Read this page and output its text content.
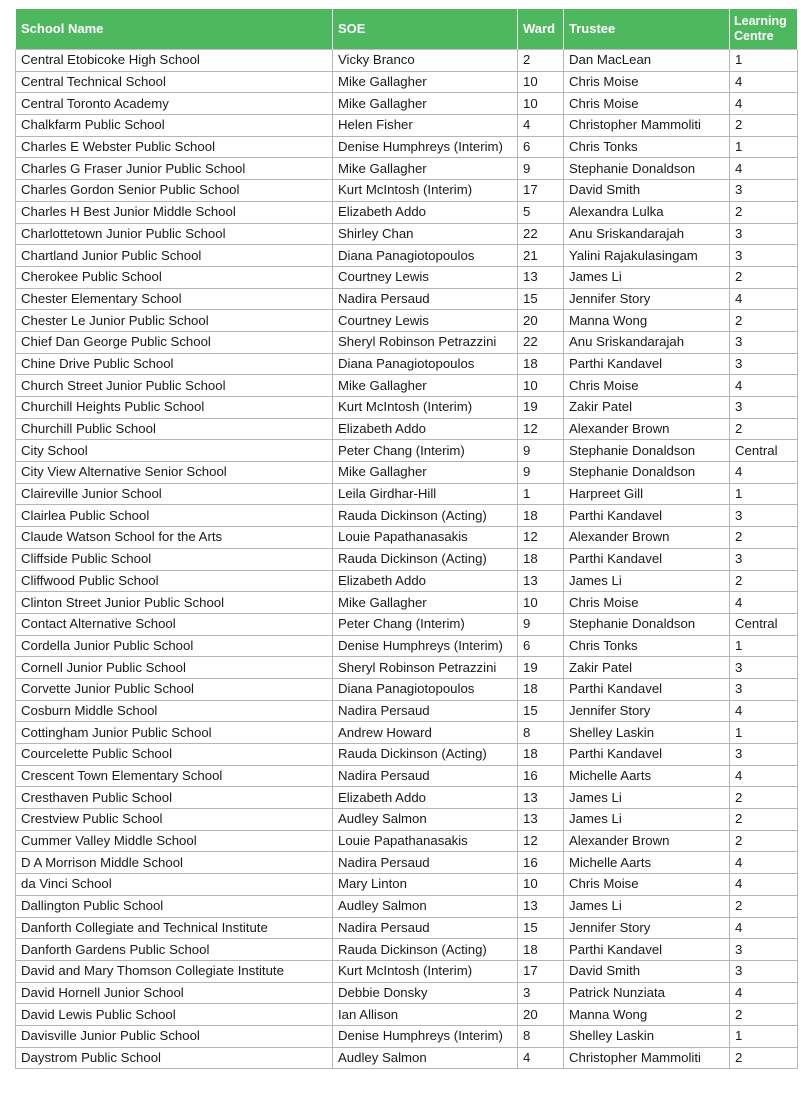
School Name	SOE	Ward	Trustee	Learning Centre
Central Etobicoke High School	Vicky Branco	2	Dan MacLean	1
Central Technical School	Mike Gallagher	10	Chris Moise	4
Central Toronto Academy	Mike Gallagher	10	Chris Moise	4
Chalkfarm Public School	Helen Fisher	4	Christopher Mammoliti	2
Charles E Webster Public School	Denise Humphreys (Interim)	6	Chris Tonks	1
Charles G Fraser Junior Public School	Mike Gallagher	9	Stephanie Donaldson	4
Charles Gordon Senior Public School	Kurt McIntosh (Interim)	17	David Smith	3
Charles H Best Junior Middle School	Elizabeth Addo	5	Alexandra Lulka	2
Charlottetown Junior Public School	Shirley Chan	22	Anu Sriskandarajah	3
Chartland Junior Public School	Diana Panagiotopoulos	21	Yalini Rajakulasingam	3
Cherokee Public School	Courtney Lewis	13	James Li	2
Chester Elementary School	Nadira Persaud	15	Jennifer Story	4
Chester Le Junior Public School	Courtney Lewis	20	Manna Wong	2
Chief Dan George Public School	Sheryl Robinson Petrazzini	22	Anu Sriskandarajah	3
Chine Drive Public School	Diana Panagiotopoulos	18	Parthi Kandavel	3
Church Street Junior Public School	Mike Gallagher	10	Chris Moise	4
Churchill Heights Public School	Kurt McIntosh (Interim)	19	Zakir Patel	3
Churchill Public School	Elizabeth Addo	12	Alexander Brown	2
City School	Peter Chang (Interim)	9	Stephanie Donaldson	Central
City View Alternative Senior School	Mike Gallagher	9	Stephanie Donaldson	4
Claireville Junior School	Leila Girdhar-Hill	1	Harpreet Gill	1
Clairlea Public School	Rauda Dickinson (Acting)	18	Parthi Kandavel	3
Claude Watson School for the Arts	Louie Papathanasakis	12	Alexander Brown	2
Cliffside Public School	Rauda Dickinson (Acting)	18	Parthi Kandavel	3
Cliffwood Public School	Elizabeth Addo	13	James Li	2
Clinton Street Junior Public School	Mike Gallagher	10	Chris Moise	4
Contact Alternative School	Peter Chang (Interim)	9	Stephanie Donaldson	Central
Cordella Junior Public School	Denise Humphreys (Interim)	6	Chris Tonks	1
Cornell Junior Public School	Sheryl Robinson Petrazzini	19	Zakir Patel	3
Corvette Junior Public School	Diana Panagiotopoulos	18	Parthi Kandavel	3
Cosburn Middle School	Nadira Persaud	15	Jennifer Story	4
Cottingham Junior Public School	Andrew Howard	8	Shelley Laskin	1
Courcelette Public School	Rauda Dickinson (Acting)	18	Parthi Kandavel	3
Crescent Town Elementary School	Nadira Persaud	16	Michelle Aarts	4
Cresthaven Public School	Elizabeth Addo	13	James Li	2
Crestview Public School	Audley Salmon	13	James Li	2
Cummer Valley Middle School	Louie Papathanasakis	12	Alexander Brown	2
D A Morrison Middle School	Nadira Persaud	16	Michelle Aarts	4
da Vinci School	Mary Linton	10	Chris Moise	4
Dallington Public School	Audley Salmon	13	James Li	2
Danforth Collegiate and Technical Institute	Nadira Persaud	15	Jennifer Story	4
Danforth Gardens Public School	Rauda Dickinson (Acting)	18	Parthi Kandavel	3
David and Mary Thomson Collegiate Institute	Kurt McIntosh (Interim)	17	David Smith	3
David Hornell Junior School	Debbie Donsky	3	Patrick Nunziata	4
David Lewis Public School	Ian Allison	20	Manna Wong	2
Davisville Junior Public School	Denise Humphreys (Interim)	8	Shelley Laskin	1
Daystrom Public School	Audley Salmon	4	Christopher Mammoliti	2
